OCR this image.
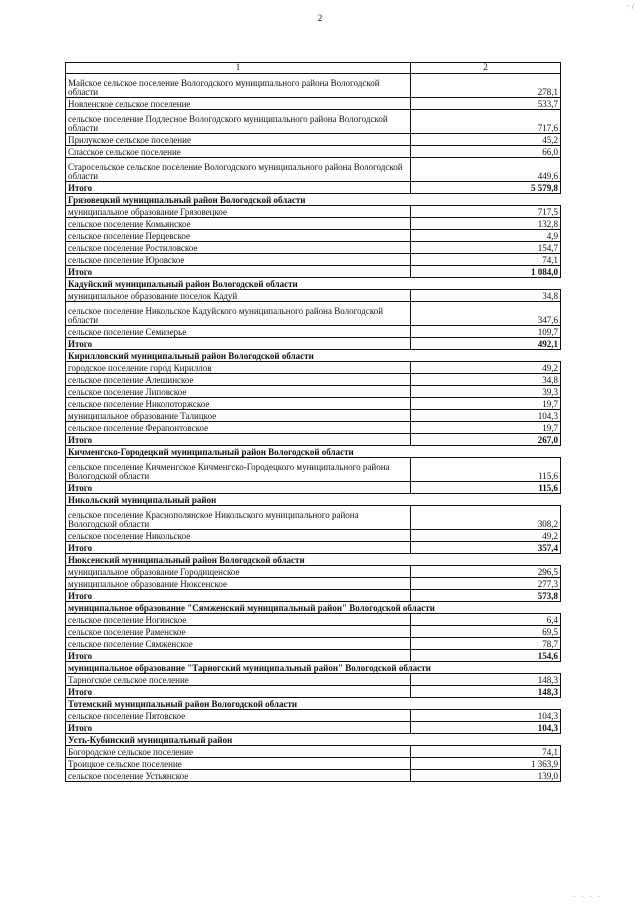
2
· /
1	2
Майское сельское поселение Вологодского муниципального района Вологодской области	278,1
Новленское сельское поселение	533,7
сельское поселение Подлесное Вологодского муниципального района Вологодской области	717,6
Прилукское сельское поселение	45,2
Спасское сельское поселение	66,0
Старосельское сельское поселение Вологодского муниципального района Вологодской области	449,6
Итого	5 579,8
Грязовецкий муниципальный район Вологодской области	
муниципальное образование Грязовецкое	717,5
сельское поселение Комьянское	132,8
сельское поселение Перцевское	4,9
сельское поселение Ростиловское	154,7
сельское поселение Юровское	74,1
Итого	1 084,0
Кадуйский муниципальный район Вологодской области	
муниципальное образование поселок Кадуй	34,8
сельское поселение Никольское Кадуйского муниципального района Вологодской области	347,6
сельское поселение Семизерье	109,7
Итого	492,1
Кирилловский муниципальный район Вологодской области	
городское поселение город Кириллов	49,2
сельское поселение Алешинское	34,8
сельское поселение Липовское	39,3
сельское поселение Николоторжское	19,7
муниципальное образование Талицкое	104,3
сельское поселение Ферапонтовское	19,7
Итого	267,0
Кичменгско-Городецкий муниципальный район Вологодской области	
сельское поселение Кичменгское Кичменгско-Городецкого муниципального района Вологодской области	115,6
Итого	115,6
Никольский муниципальный район	
сельское поселение Краснополянское Никольского муниципального района Вологодской области	308,2
сельское поселение Никольское	49,2
Итого	357,4
Нюксенский муниципальный район Вологодской области	
муниципальное образование Городищенское	296,5
муниципальное образование Нюксенское	277,3
Итого	573,8
муниципальное образование "Сямженский муниципальный район" Вологодской области	
сельское поселение Ногинское	6,4
сельское поселение Раменское	69,5
сельское поселение Сямженское	78,7
Итого	154,6
муниципальное образование "Тарногский муниципальный район" Вологодской области	
Тарногское сельское поселение	148,3
Итого	148,3
Тотемский муниципальный район Вологодской области	
сельское поселение Пятовское	104,3
Итого	104,3
Усть-Кубинский муниципальный район	
Богородское сельское поселение	74,1
Троицкое сельское поселение	1 363,9
сельское поселение Устьянское	139,0
· · · ·
